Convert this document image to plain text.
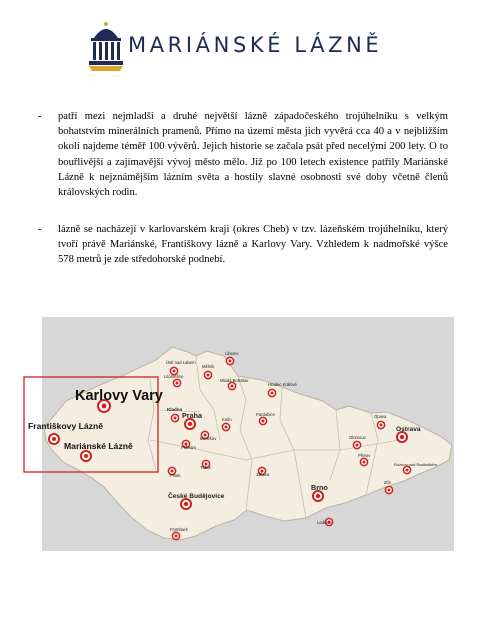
MARIÁNSKÉ LÁZNĚ
- patří mezi nejmladší a druhé největší lázně západočeského trojúhelníku s velkým bohatstvím minerálních pramenů. Přímo na území města jich vyvěrá cca 40 a v nejbližším okolí najdeme téměř 100 vývěrů. Jejich historie se začala psát před necelými 200 lety. O to bouřlivější a zajímavější vývoj město mělo. Již po 100 letech existence patřily Mariánské Lázně k nejznámějším lázním světa a hostily slavné osobnosti své doby včetně členů královských rodin.
- lázně se nacházejí v karlovarském kraji (okres Cheb) v tzv. lázeňském trojúhelníku, který tvoří právě Mariánské, Františkovy lázně a Karlovy Vary. Vzhledem k nadmořské výšce 578 metrů je zde středohorské podnebí.
Ústí nad Labem
Liberec
Litoměřice
Mělník
Mladá Boleslav
Hradec Králové
Kladno
Praha	Kolín
Pardubice
Benešov
Příbram
Tábor
Písek	Jihlava
České Budějovice
Brno
Olomouc
Opava
Ostrava
Přerov
Rožnov pod Radhoštěm
Zlín
Lednice
Frymburk
Karlovy Vary
Františkovy Lázně
Mariánské Lázně
